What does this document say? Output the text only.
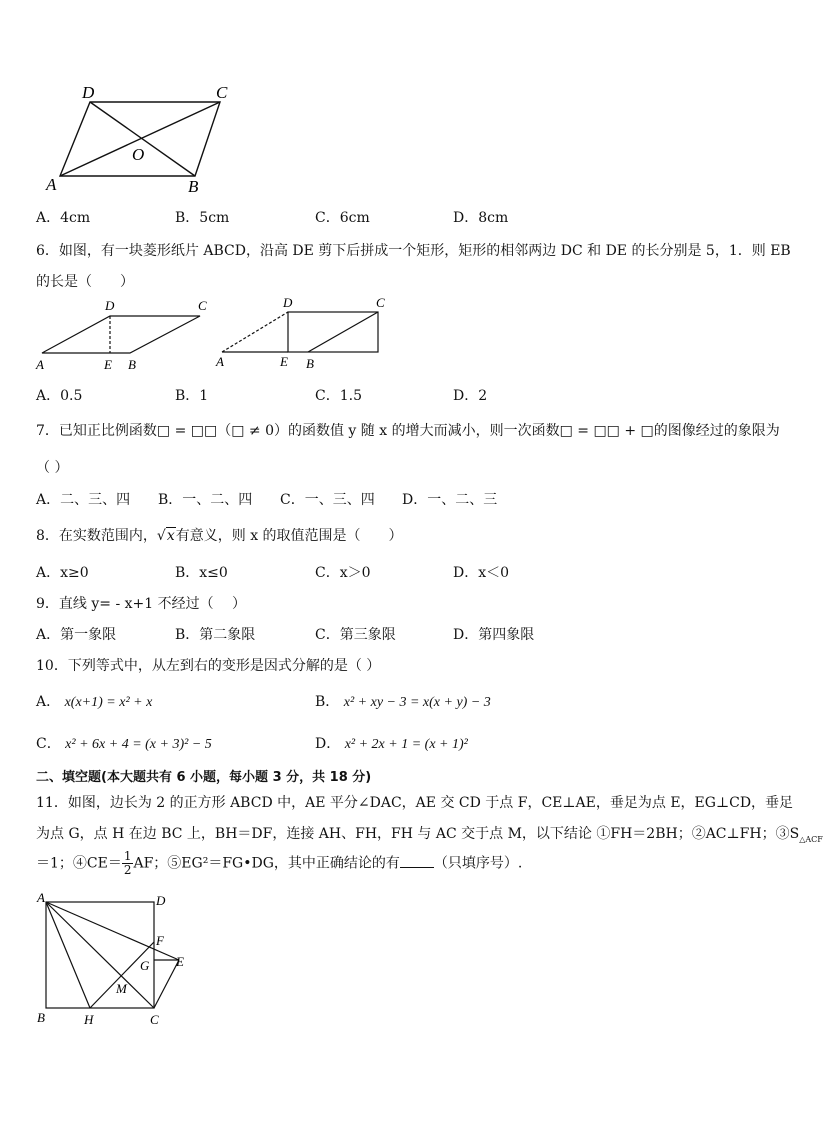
D	C
O
A	B
A．4cm	B．5cm	C．6cm	D．8cm
6．如图，有一块菱形纸片 ABCD，沿高 DE 剪下后拼成一个矩形，矩形的相邻两边 DC 和 DE 的长分别是 5，1．则 EB
的长是（　　）
D	C
A	E B
D	C
A	E B
A．0.5	B．1	C．1.5	D．2
7．已知正比例函数□ = □□（□ ≠ 0）的函数值 y 随 x 的增大而减小，则一次函数□ = □□ + □的图像经过的象限为
（ ）
A．二、三、四 B．一、二、四 C．一、三、四 D．一、二、三
8．在实数范围内，√x有意义，则 x 的取值范围是（　　）
A．x≥0	B．x≤0	C．x＞0	D．x＜0
9．直线 y= - x+1 不经过（　 ）
A．第一象限	B．第二象限	C．第三象限	D．第四象限
10．下列等式中，从左到右的变形是因式分解的是（ ）
A． x(x+1) = x² + x	B． x² + xy − 3 = x(x + y) − 3
C． x² + 6x + 4 = (x + 3)² − 5	D． x² + 2x + 1 = (x + 1)²
二、填空题(本大题共有 6 小题，每小题 3 分，共 18 分)
11．如图，边长为 2 的正方形 ABCD 中，AE 平分∠DAC，AE 交 CD 于点 F，CE⊥AE，垂足为点 E，EG⊥CD，垂足
为点 G，点 H 在边 BC 上，BH＝DF，连接 AH、FH，FH 与 AC 交于点 M，以下结论 ①FH＝2BH；②AC⊥FH；$③S_{\triangle ACF}$
＝1；④CE＝ $\frac{1}{2}$ AF；⑤EG²＝FG•DG，其中正确结论的有 （只填序号）.
A	D
F
G E
M
B	H	C
